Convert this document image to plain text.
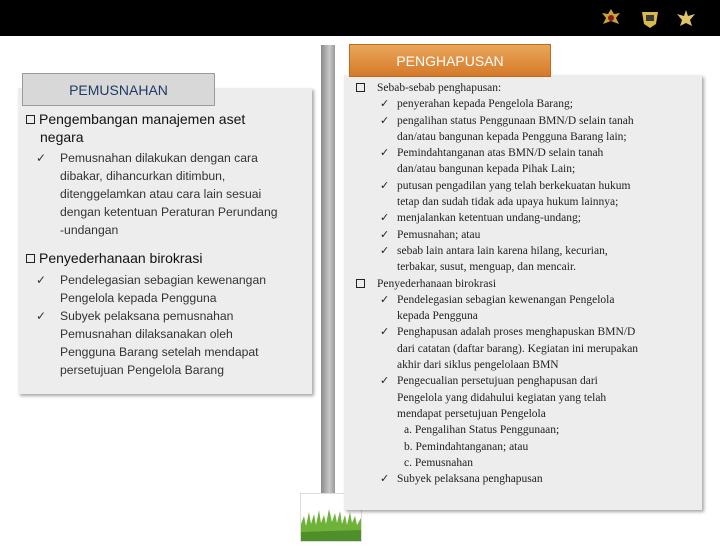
PEMUSNAHAN
PENGHAPUSAN

Pengembangan manajemen aset

negara

✓ Pemusnahan dilakukan dengan cara
dibakar, dihancurkan ditimbun,
ditenggelamkan atau cara lain sesuai
dengan ketentuan Peraturan Perundang
-undangan

Penyederhanaan birokrasi

✓ Pendelegasian sebagian kewenangan
Pengelola kepada Pengguna
✓ Subyek pelaksana pemusnahan
Pemusnahan dilaksanakan oleh
Pengguna Barang setelah mendapat
persetujuan Pengelola Barang

Sebab-sebab penghapusan:

✓ penyerahan kepada Pengelola Barang;
✓ pengalihan status Penggunaan BMN/D selain tanah
dan/atau bangunan kepada Pengguna Barang lain;
✓ Pemindahtanganan atas BMN/D selain tanah
dan/atau bangunan kepada Pihak Lain;
✓ putusan pengadilan yang telah berkekuatan hukum
tetap dan sudah tidak ada upaya hukum lainnya;
✓ menjalankan ketentuan undang-undang;
✓ Pemusnahan; atau
✓ sebab lain antara lain karena hilang, kecurian,
terbakar, susut, menguap, dan mencair.

Penyederhanaan birokrasi

✓ Pendelegasian sebagian kewenangan Pengelola
kepada Pengguna
✓ Penghapusan adalah proses menghapuskan BMN/D
dari catatan (daftar barang). Kegiatan ini merupakan
akhir dari siklus pengelolaan BMN
✓ Pengecualian persetujuan penghapusan dari
Pengelola yang didahului kegiatan yang telah
mendapat persetujuan Pengelola

a. Pengalihan Status Penggunaan;

b. Pemindahtanganan; atau

c. Pemusnahan

✓ Subyek pelaksana penghapusan
